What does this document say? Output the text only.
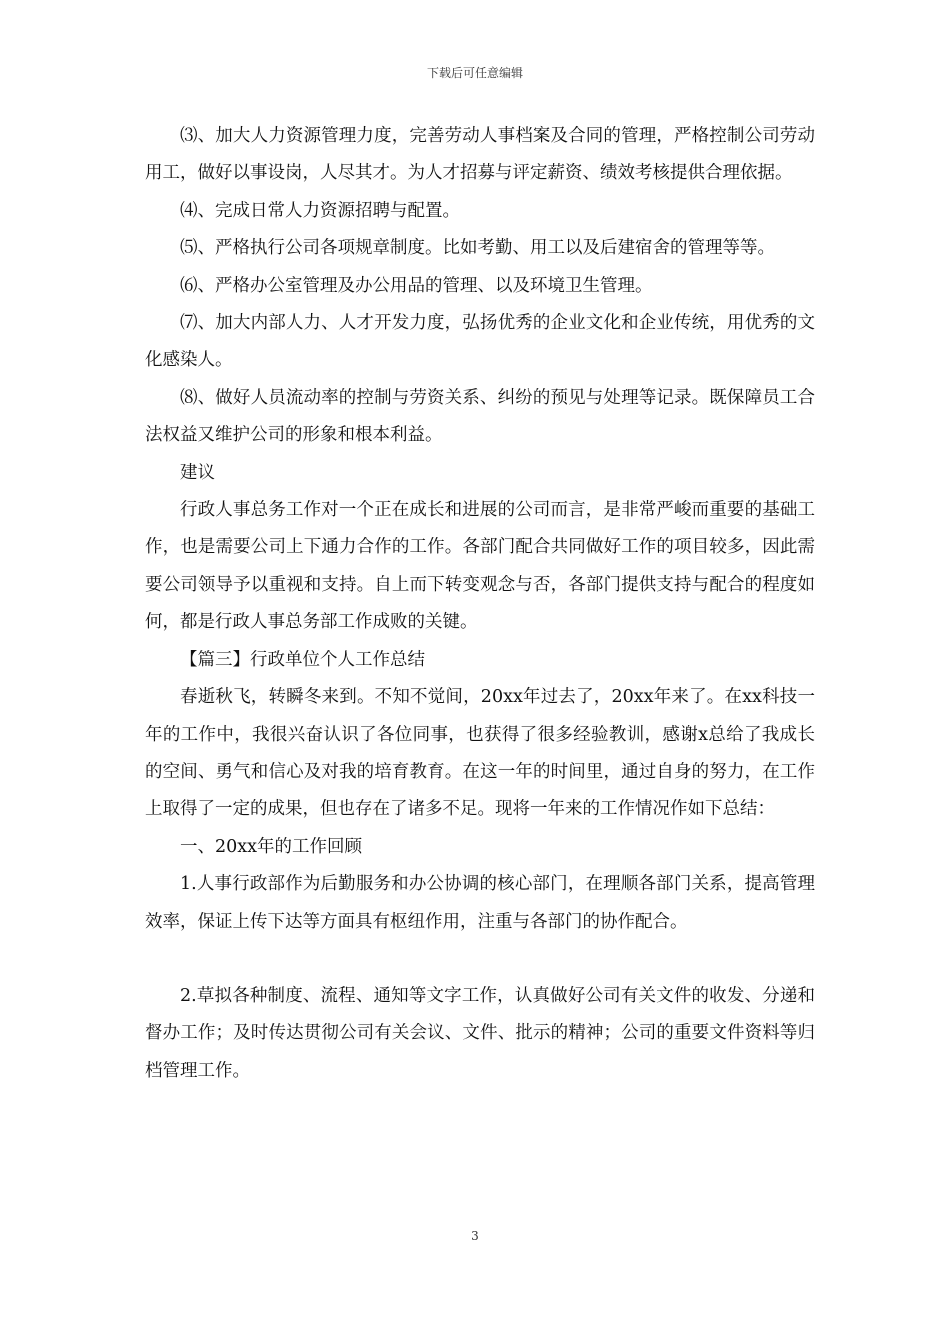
下载后可任意编辑

⑶、加大人力资源管理力度，完善劳动人事档案及合同的管理，严格控制公司劳动用工，做好以事设岗，人尽其才。为人才招募与评定薪资、绩效考核提供合理依据。

⑷、完成日常人力资源招聘与配置。

⑸、严格执行公司各项规章制度。比如考勤、用工以及后建宿舍的管理等等。

⑹、严格办公室管理及办公用品的管理、以及环境卫生管理。

⑺、加大内部人力、人才开发力度，弘扬优秀的企业文化和企业传统，用优秀的文化感染人。

⑻、做好人员流动率的控制与劳资关系、纠纷的预见与处理等记录。既保障员工合法权益又维护公司的形象和根本利益。

建议

行政人事总务工作对一个正在成长和进展的公司而言，是非常严峻而重要的基础工作，也是需要公司上下通力合作的工作。各部门配合共同做好工作的项目较多，因此需要公司领导予以重视和支持。自上而下转变观念与否，各部门提供支持与配合的程度如何，都是行政人事总务部工作成败的关键。

【篇三】行政单位个人工作总结

春逝秋飞，转瞬冬来到。不知不觉间，20xx年过去了，20xx年来了。在xx科技一年的工作中，我很兴奋认识了各位同事，也获得了很多经验教训，感谢x总给了我成长的空间、勇气和信心及对我的培育教育。在这一年的时间里，通过自身的努力，在工作上取得了一定的成果，但也存在了诸多不足。现将一年来的工作情况作如下总结：

一、20xx年的工作回顾

1.人事行政部作为后勤服务和办公协调的核心部门，在理顺各部门关系，提高管理效率，保证上传下达等方面具有枢纽作用，注重与各部门的协作配合。

2.草拟各种制度、流程、通知等文字工作，认真做好公司有关文件的收发、分递和督办工作；及时传达贯彻公司有关会议、文件、批示的精神；公司的重要文件资料等归档管理工作。

3
